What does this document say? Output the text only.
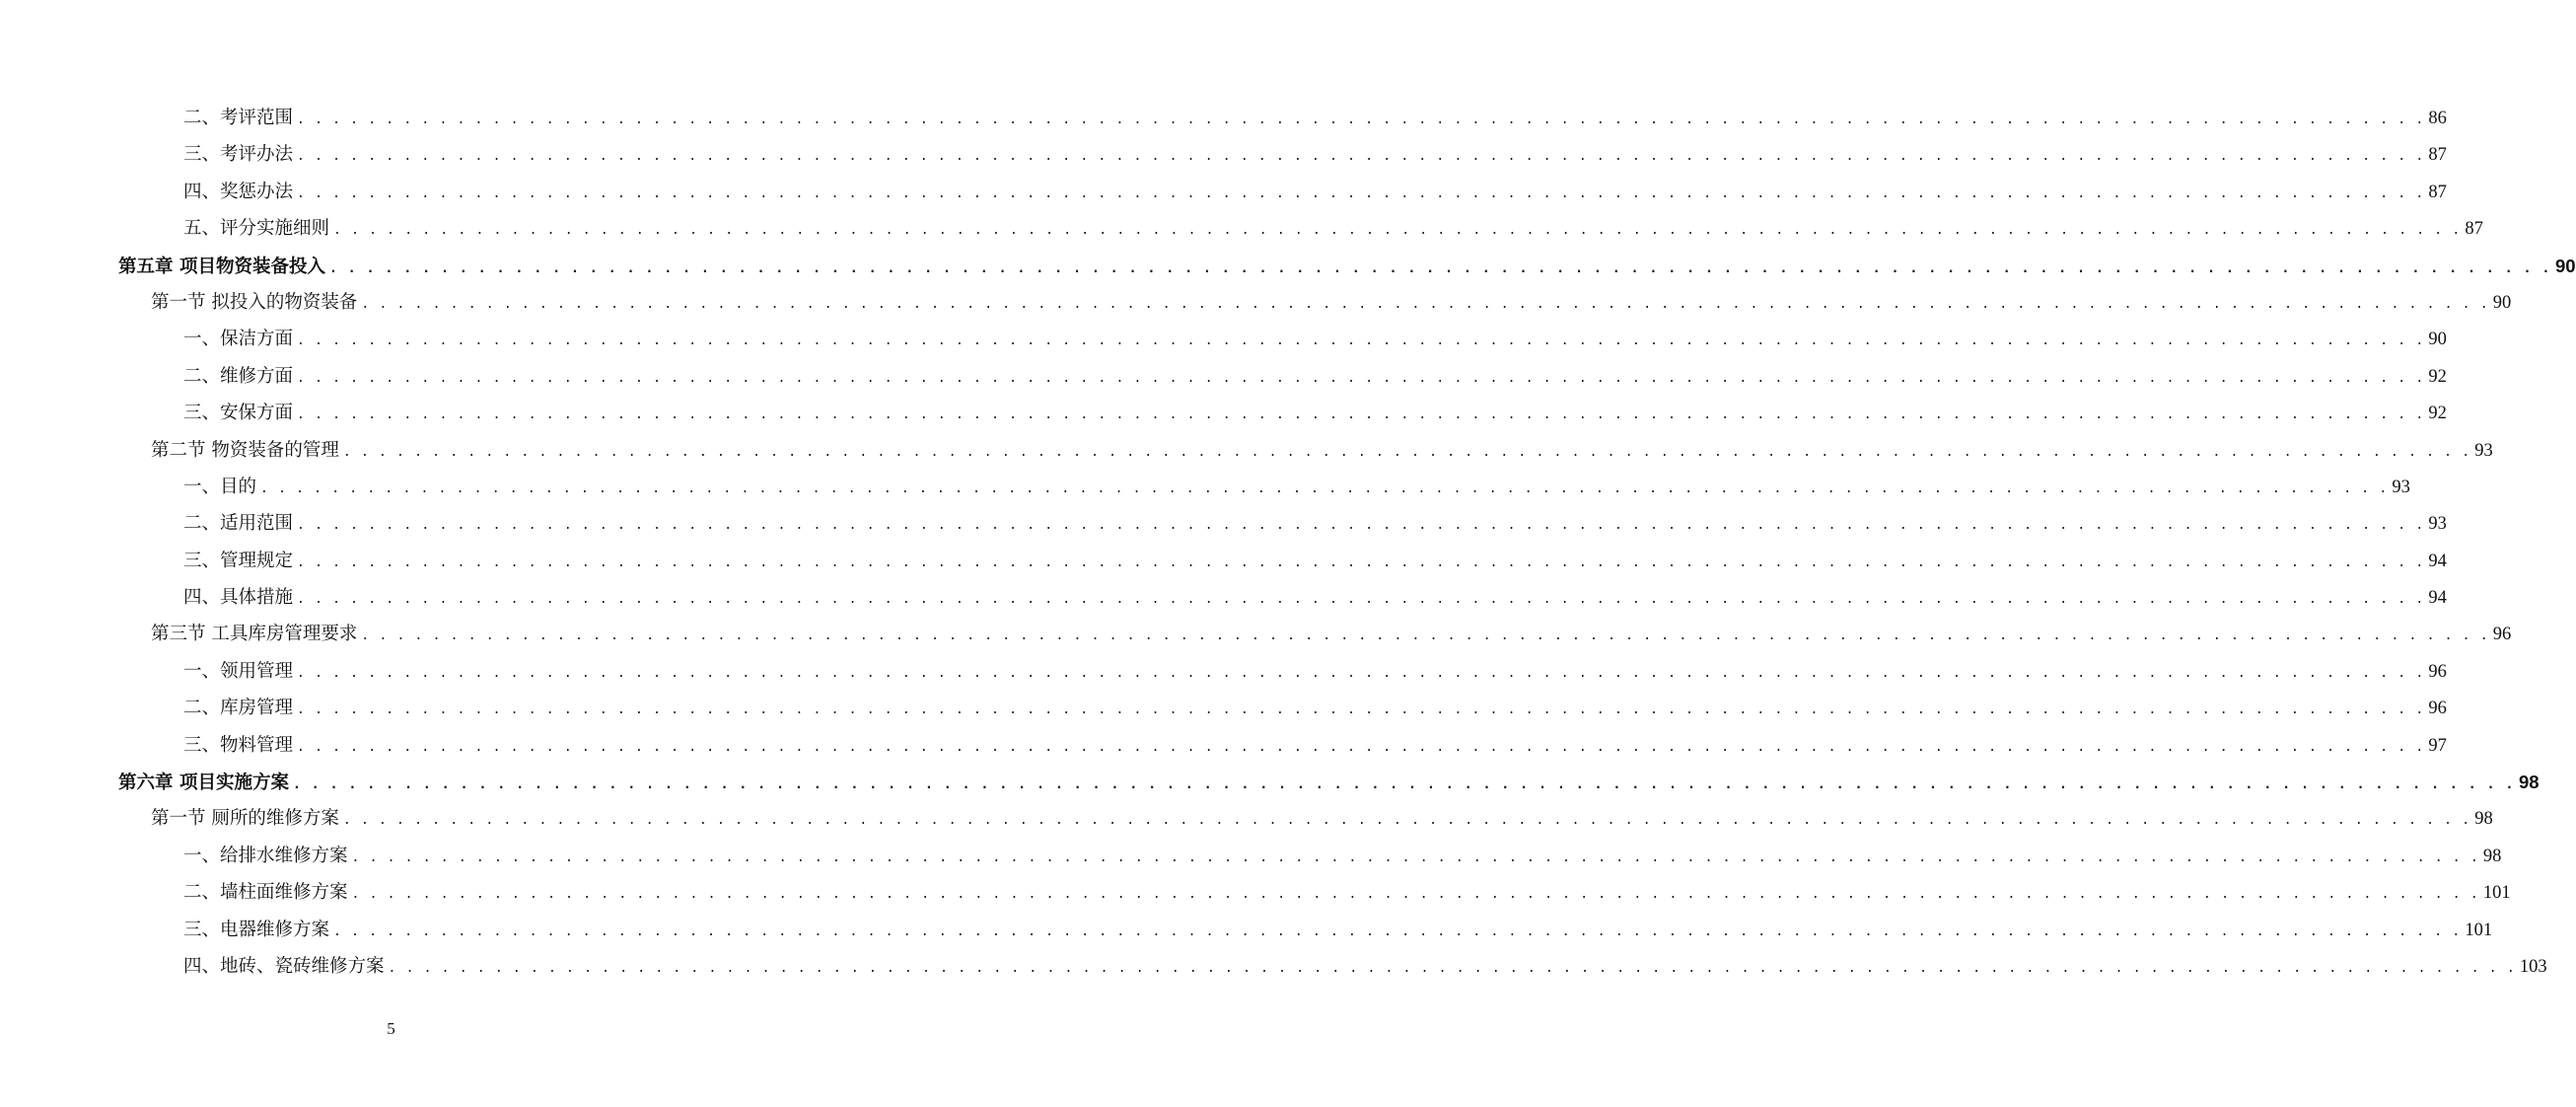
二、考评范围 . . . . . . . . . . . . . . . . . . . . . . . . . . . . . . . . . . . . . . . . . . . . . . . . . . . . . . . . . . . . . . . . . . . . . . . . . . . . . . . . . . . . . . . . . . . . . . . . . . . . . . . . . . . . . . . . . . . . . . . . 86
三、考评办法 . . . . . . . . . . . . . . . . . . . . . . . . . . . . . . . . . . . . . . . . . . . . . . . . . . . . . . . . . . . . . . . . . . . . . . . . . . . . . . . . . . . . . . . . . . . . . . . . . . . . . . . . . . . . . . . . . . . . . . . . 87
四、奖惩办法 . . . . . . . . . . . . . . . . . . . . . . . . . . . . . . . . . . . . . . . . . . . . . . . . . . . . . . . . . . . . . . . . . . . . . . . . . . . . . . . . . . . . . . . . . . . . . . . . . . . . . . . . . . . . . . . . . . . . . . . . 87
五、评分实施细则 . . . . . . . . . . . . . . . . . . . . . . . . . . . . . . . . . . . . . . . . . . . . . . . . . . . . . . . . . . . . . . . . . . . . . . . . . . . . . . . . . . . . . . . . . . . . . . . . . . . . . . . . . . . . . . . . . . . . . . . . 87
第五章 项目物资装备投入 . . . . . . . . . . . . . . . . . . . . . . . . . . . . . . . . . . . . . . . . . . . . . . . . . . . . . . . . . . . . . . . . . . . . . . . . . . . . . . . . . . . . . . . . . . . . . . . . . . . . . . . . . . . . . . . . . . . . . . . . 90
第一节 拟投入的物资装备 . . . . . . . . . . . . . . . . . . . . . . . . . . . . . . . . . . . . . . . . . . . . . . . . . . . . . . . . . . . . . . . . . . . . . . . . . . . . . . . . . . . . . . . . . . . . . . . . . . . . . . . . . . . . . . . . . . . . . . . . 90
一、保洁方面 . . . . . . . . . . . . . . . . . . . . . . . . . . . . . . . . . . . . . . . . . . . . . . . . . . . . . . . . . . . . . . . . . . . . . . . . . . . . . . . . . . . . . . . . . . . . . . . . . . . . . . . . . . . . . . . . . . . . . . . . 90
二、维修方面 . . . . . . . . . . . . . . . . . . . . . . . . . . . . . . . . . . . . . . . . . . . . . . . . . . . . . . . . . . . . . . . . . . . . . . . . . . . . . . . . . . . . . . . . . . . . . . . . . . . . . . . . . . . . . . . . . . . . . . . . 92
三、安保方面 . . . . . . . . . . . . . . . . . . . . . . . . . . . . . . . . . . . . . . . . . . . . . . . . . . . . . . . . . . . . . . . . . . . . . . . . . . . . . . . . . . . . . . . . . . . . . . . . . . . . . . . . . . . . . . . . . . . . . . . . 92
第二节 物资装备的管理 . . . . . . . . . . . . . . . . . . . . . . . . . . . . . . . . . . . . . . . . . . . . . . . . . . . . . . . . . . . . . . . . . . . . . . . . . . . . . . . . . . . . . . . . . . . . . . . . . . . . . . . . . . . . . . . . . . . . . . . . 93
一、目的 . . . . . . . . . . . . . . . . . . . . . . . . . . . . . . . . . . . . . . . . . . . . . . . . . . . . . . . . . . . . . . . . . . . . . . . . . . . . . . . . . . . . . . . . . . . . . . . . . . . . . . . . . . . . . . . . . . . . . . . . 93
二、适用范围 . . . . . . . . . . . . . . . . . . . . . . . . . . . . . . . . . . . . . . . . . . . . . . . . . . . . . . . . . . . . . . . . . . . . . . . . . . . . . . . . . . . . . . . . . . . . . . . . . . . . . . . . . . . . . . . . . . . . . . . . 93
三、管理规定 . . . . . . . . . . . . . . . . . . . . . . . . . . . . . . . . . . . . . . . . . . . . . . . . . . . . . . . . . . . . . . . . . . . . . . . . . . . . . . . . . . . . . . . . . . . . . . . . . . . . . . . . . . . . . . . . . . . . . . . . 94
四、具体措施 . . . . . . . . . . . . . . . . . . . . . . . . . . . . . . . . . . . . . . . . . . . . . . . . . . . . . . . . . . . . . . . . . . . . . . . . . . . . . . . . . . . . . . . . . . . . . . . . . . . . . . . . . . . . . . . . . . . . . . . . 94
第三节 工具库房管理要求 . . . . . . . . . . . . . . . . . . . . . . . . . . . . . . . . . . . . . . . . . . . . . . . . . . . . . . . . . . . . . . . . . . . . . . . . . . . . . . . . . . . . . . . . . . . . . . . . . . . . . . . . . . . . . . . . . . . . . . . . 96
一、领用管理 . . . . . . . . . . . . . . . . . . . . . . . . . . . . . . . . . . . . . . . . . . . . . . . . . . . . . . . . . . . . . . . . . . . . . . . . . . . . . . . . . . . . . . . . . . . . . . . . . . . . . . . . . . . . . . . . . . . . . . . . 96
二、库房管理 . . . . . . . . . . . . . . . . . . . . . . . . . . . . . . . . . . . . . . . . . . . . . . . . . . . . . . . . . . . . . . . . . . . . . . . . . . . . . . . . . . . . . . . . . . . . . . . . . . . . . . . . . . . . . . . . . . . . . . . . 96
三、物料管理 . . . . . . . . . . . . . . . . . . . . . . . . . . . . . . . . . . . . . . . . . . . . . . . . . . . . . . . . . . . . . . . . . . . . . . . . . . . . . . . . . . . . . . . . . . . . . . . . . . . . . . . . . . . . . . . . . . . . . . . . 97
第六章 项目实施方案 . . . . . . . . . . . . . . . . . . . . . . . . . . . . . . . . . . . . . . . . . . . . . . . . . . . . . . . . . . . . . . . . . . . . . . . . . . . . . . . . . . . . . . . . . . . . . . . . . . . . . . . . . . . . . . . . . . . . . . . . 98
第一节 厕所的维修方案 . . . . . . . . . . . . . . . . . . . . . . . . . . . . . . . . . . . . . . . . . . . . . . . . . . . . . . . . . . . . . . . . . . . . . . . . . . . . . . . . . . . . . . . . . . . . . . . . . . . . . . . . . . . . . . . . . . . . . . . . 98
一、给排水维修方案 . . . . . . . . . . . . . . . . . . . . . . . . . . . . . . . . . . . . . . . . . . . . . . . . . . . . . . . . . . . . . . . . . . . . . . . . . . . . . . . . . . . . . . . . . . . . . . . . . . . . . . . . . . . . . . . . . . . . . . . . 98
二、墙柱面维修方案 . . . . . . . . . . . . . . . . . . . . . . . . . . . . . . . . . . . . . . . . . . . . . . . . . . . . . . . . . . . . . . . . . . . . . . . . . . . . . . . . . . . . . . . . . . . . . . . . . . . . . . . . . . . . . . . . . . . . . . . . 101
三、电器维修方案 . . . . . . . . . . . . . . . . . . . . . . . . . . . . . . . . . . . . . . . . . . . . . . . . . . . . . . . . . . . . . . . . . . . . . . . . . . . . . . . . . . . . . . . . . . . . . . . . . . . . . . . . . . . . . . . . . . . . . . . . 101
四、地砖、瓷砖维修方案 . . . . . . . . . . . . . . . . . . . . . . . . . . . . . . . . . . . . . . . . . . . . . . . . . . . . . . . . . . . . . . . . . . . . . . . . . . . . . . . . . . . . . . . . . . . . . . . . . . . . . . . . . . . . . . . . . . . . . . . . 103
5
